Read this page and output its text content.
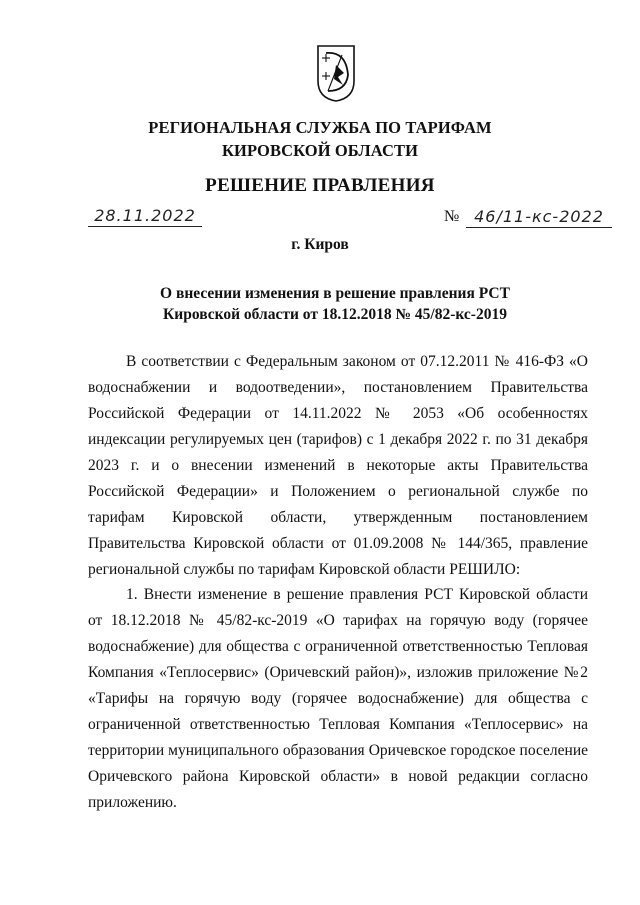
РЕГИОНАЛЬНАЯ СЛУЖБА ПО ТАРИФАМ
КИРОВСКОЙ ОБЛАСТИ
РЕШЕНИЕ ПРАВЛЕНИЯ
28.11.2022	№ 46/11-кс-2022
г. Киров
О внесении изменения в решение правления РСТ Кировской области от 18.12.2018 № 45/82-кс-2019
В соответствии с Федеральным законом от 07.12.2011 № 416-ФЗ «О водоснабжении и водоотведении», постановлением Правительства Российской Федерации от 14.11.2022 № 2053 «Об особенностях индексации регулируемых цен (тарифов) с 1 декабря 2022 г. по 31 декабря 2023 г. и о внесении изменений в некоторые акты Правительства Российской Федерации» и Положением о региональной службе по тарифам Кировской области, утвержденным постановлением Правительства Кировской области от 01.09.2008 № 144/365, правление региональной службы по тарифам Кировской области РЕШИЛО:
1. Внести изменение в решение правления РСТ Кировской области от 18.12.2018 № 45/82-кс-2019 «О тарифах на горячую воду (горячее водоснабжение) для общества с ограниченной ответственностью Тепловая Компания «Теплосервис» (Оричевский район)», изложив приложение №2 «Тарифы на горячую воду (горячее водоснабжение) для общества с ограниченной ответственностью Тепловая Компания «Теплосервис» на территории муниципального образования Оричевское городское поселение Оричевского района Кировской области» в новой редакции согласно приложению.
